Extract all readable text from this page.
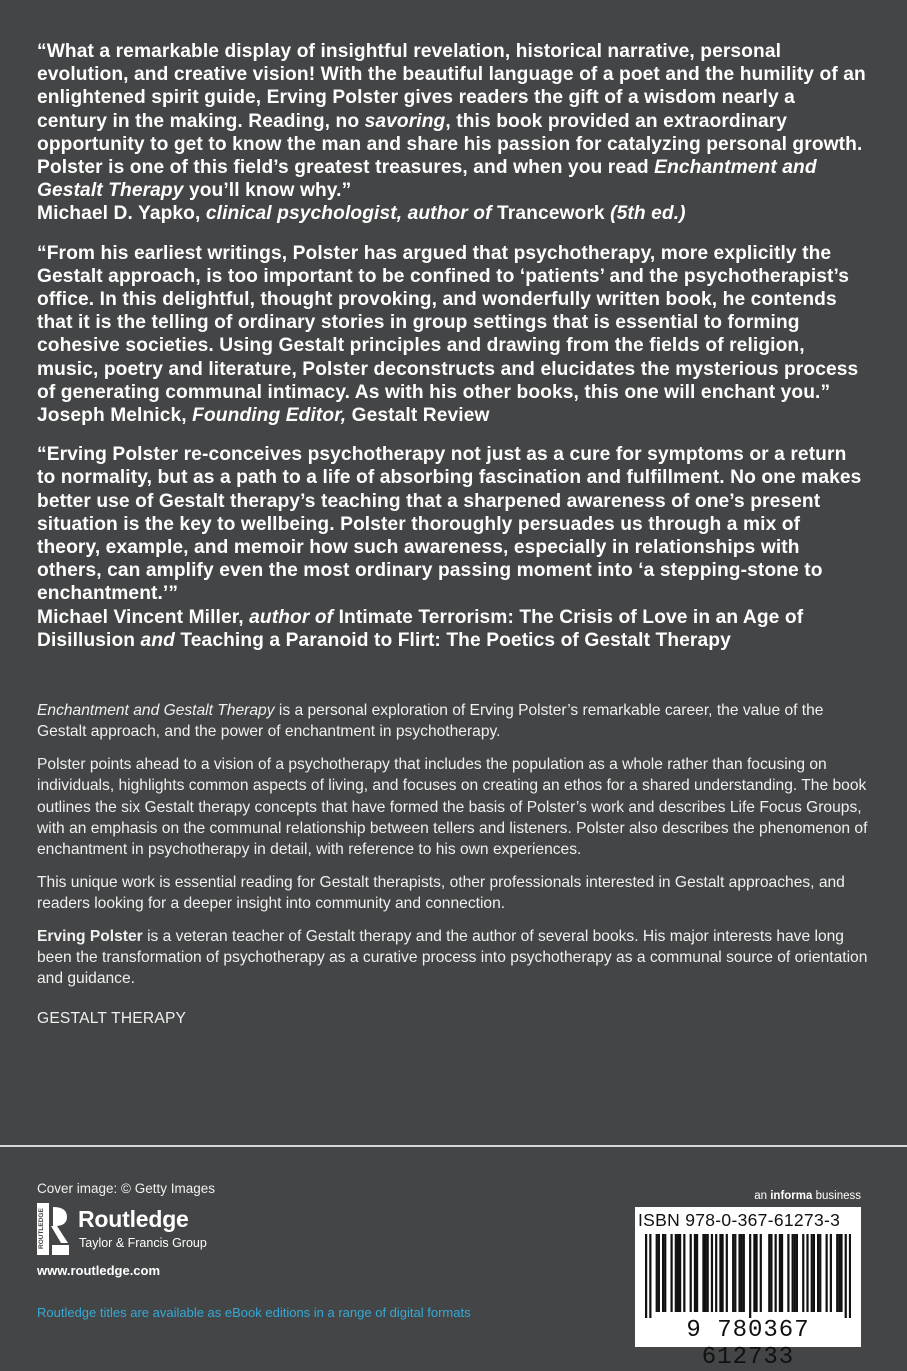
“What a remarkable display of insightful revelation, historical narrative, personal evolution, and creative vision! With the beautiful language of a poet and the humility of an enlightened spirit guide, Erving Polster gives readers the gift of a wisdom nearly a century in the making. Reading, no savoring, this book provided an extraordinary opportunity to get to know the man and share his passion for catalyzing personal growth. Polster is one of this field’s greatest treasures, and when you read Enchantment and Gestalt Therapy you’ll know why.”
Michael D. Yapko, clinical psychologist, author of Trancework (5th ed.)
“From his earliest writings, Polster has argued that psychotherapy, more explicitly the Gestalt approach, is too important to be confined to ‘patients’ and the psychotherapist’s office. In this delightful, thought provoking, and wonderfully written book, he contends that it is the telling of ordinary stories in group settings that is essential to forming cohesive societies. Using Gestalt principles and drawing from the fields of religion, music, poetry and literature, Polster deconstructs and elucidates the mysterious process of generating communal intimacy. As with his other books, this one will enchant you.”
Joseph Melnick, Founding Editor, Gestalt Review
“Erving Polster re-conceives psychotherapy not just as a cure for symptoms or a return to normality, but as a path to a life of absorbing fascination and fulfillment. No one makes better use of Gestalt therapy’s teaching that a sharpened awareness of one’s present situation is the key to wellbeing. Polster thoroughly persuades us through a mix of theory, example, and memoir how such awareness, especially in relationships with others, can amplify even the most ordinary passing moment into ‘a stepping-stone to enchantment.’”
Michael Vincent Miller, author of Intimate Terrorism: The Crisis of Love in an Age of Disillusion and Teaching a Paranoid to Flirt: The Poetics of Gestalt Therapy

Enchantment and Gestalt Therapy is a personal exploration of Erving Polster’s remarkable career, the value of the Gestalt approach, and the power of enchantment in psychotherapy.

Polster points ahead to a vision of a psychotherapy that includes the population as a whole rather than focusing on individuals, highlights common aspects of living, and focuses on creating an ethos for a shared understanding. The book outlines the six Gestalt therapy concepts that have formed the basis of Polster’s work and describes Life Focus Groups, with an emphasis on the communal relationship between tellers and listeners. Polster also describes the phenomenon of enchantment in psychotherapy in detail, with reference to his own experiences.

This unique work is essential reading for Gestalt therapists, other professionals interested in Gestalt approaches, and readers looking for a deeper insight into community and connection.

Erving Polster is a veteran teacher of Gestalt therapy and the author of several books. His major interests have long been the transformation of psychotherapy as a curative process into psychotherapy as a communal source of orientation and guidance.

GESTALT THERAPY

Cover image: © Getty Images
ROUTLEDGE Routledge
Taylor & Francis Group
www.routledge.com
Routledge titles are available as eBook editions in a range of digital formats
an informa business
ISBN 978-0-367-61273-3
9 780367 612733
